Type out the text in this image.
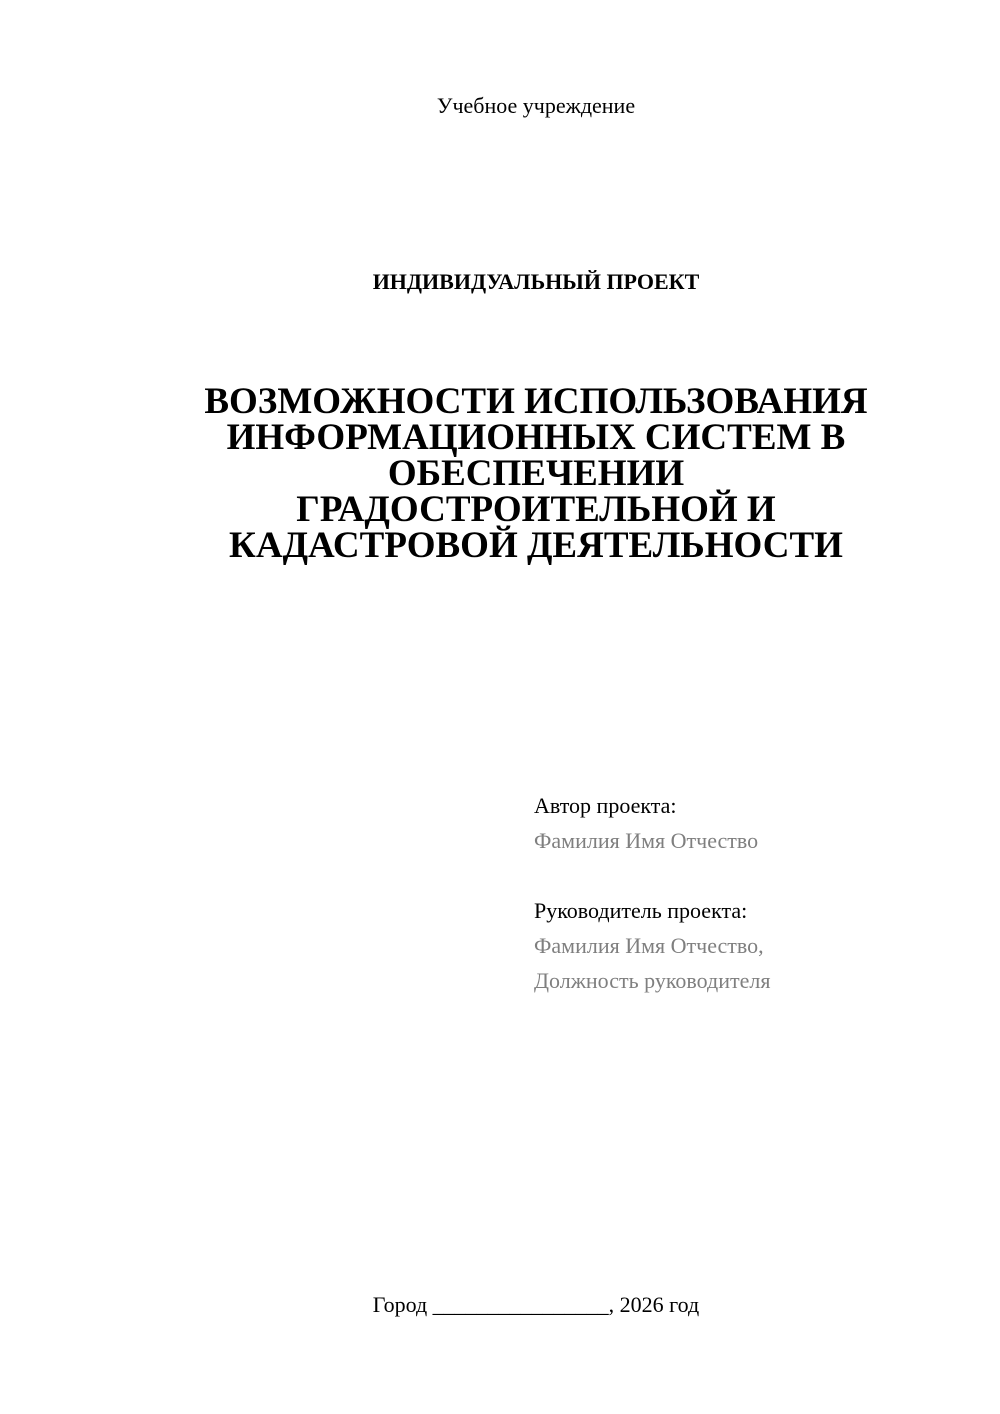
Учебное учреждение
ИНДИВИДУАЛЬНЫЙ ПРОЕКТ
ВОЗМОЖНОСТИ ИСПОЛЬЗОВАНИЯ
ИНФОРМАЦИОННЫХ СИСТЕМ В
ОБЕСПЕЧЕНИИ
ГРАДОСТРОИТЕЛЬНОЙ И
КАДАСТРОВОЙ ДЕЯТЕЛЬНОСТИ
Автор проекта:
Фамилия Имя Отчество
Руководитель проекта:
Фамилия Имя Отчество,
Должность руководителя
Город ________________, 2026 год
